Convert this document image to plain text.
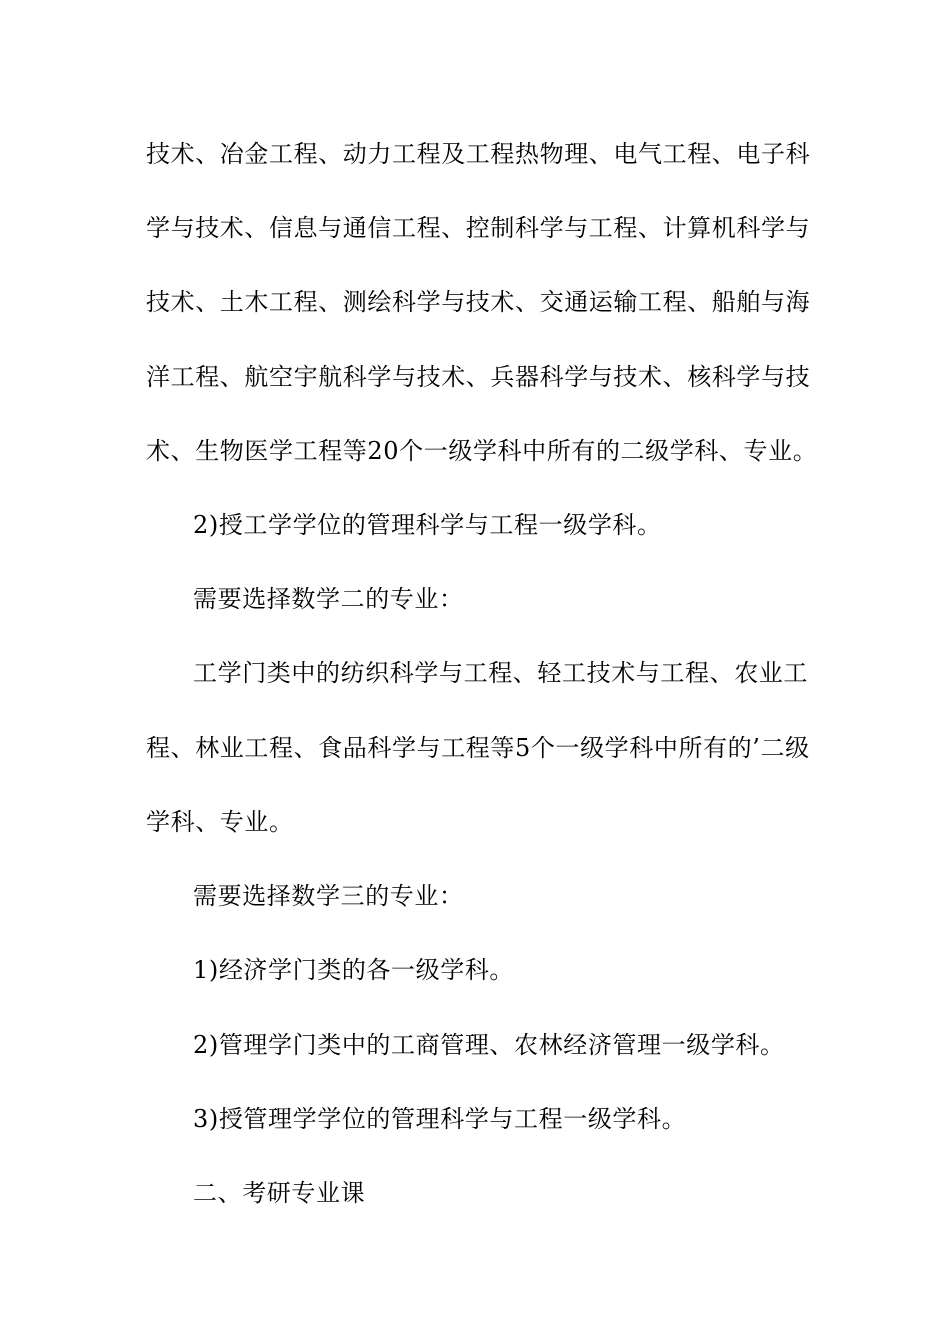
技术、冶金工程、动力工程及工程热物理、电气工程、电子科
学与技术、信息与通信工程、控制科学与工程、计算机科学与
技术、土木工程、测绘科学与技术、交通运输工程、船舶与海
洋工程、航空宇航科学与技术、兵器科学与技术、核科学与技
术、生物医学工程等20个一级学科中所有的二级学科、专业。
2)授工学学位的管理科学与工程一级学科。
需要选择数学二的专业：
工学门类中的纺织科学与工程、轻工技术与工程、农业工
程、林业工程、食品科学与工程等5个一级学科中所有的’二级
学科、专业。
需要选择数学三的专业：
1)经济学门类的各一级学科。
2)管理学门类中的工商管理、农林经济管理一级学科。
3)授管理学学位的管理科学与工程一级学科。
二、考研专业课
